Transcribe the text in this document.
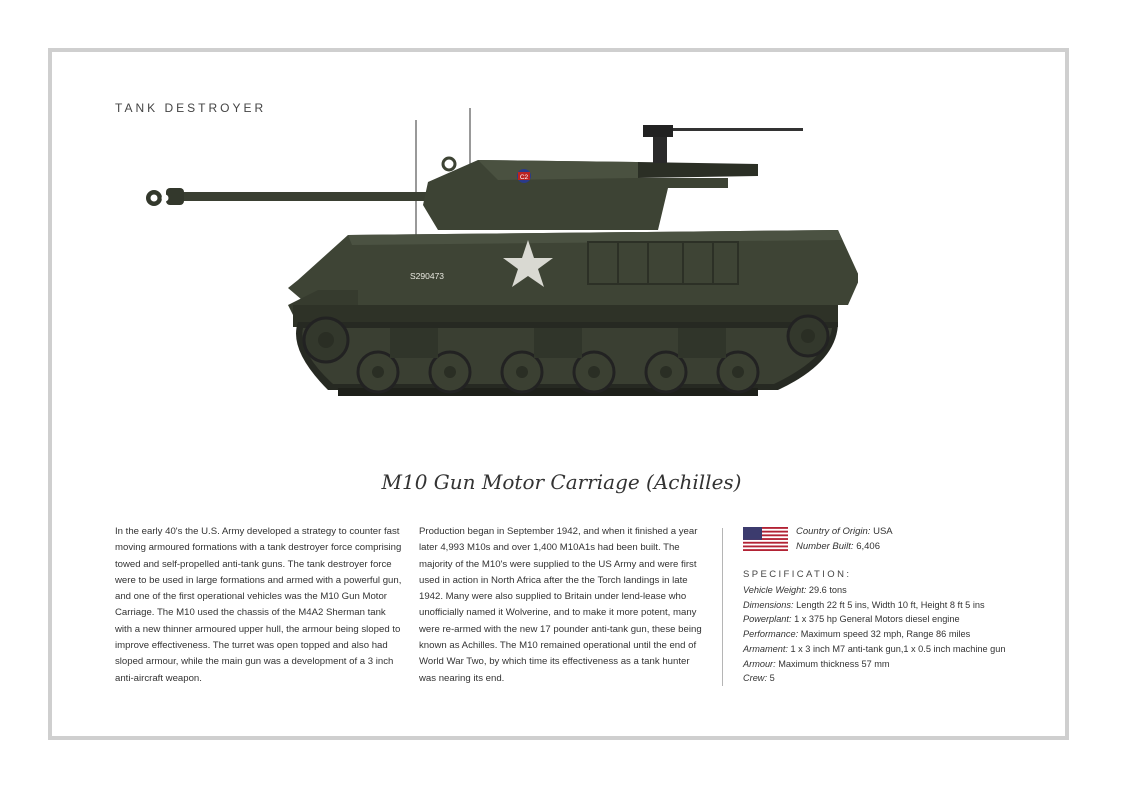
TANK DESTROYER
C2
S290473
M10 Gun Motor Carriage (Achilles)
In the early 40's the U.S. Army developed a strategy to counter fast moving armoured formations with a tank destroyer force comprising towed and self-propelled anti-tank guns. The tank destroyer force were to be used in large formations and armed with a powerful gun, and one of the first operational vehicles was the M10 Gun Motor Carriage. The M10 used the chassis of the M4A2 Sherman tank with a new thinner armoured upper hull, the armour being sloped to improve effectiveness. The turret was open topped and also had sloped armour, while the main gun was a development of a 3 inch anti-aircraft weapon.
Production began in September 1942, and when it finished a year later 4,993 M10s and over 1,400 M10A1s had been built. The majority of the M10's were supplied to the US Army and were first used in action in North Africa after the the Torch landings in late 1942. Many were also supplied to Britain under lend-lease who unofficially named it Wolverine, and to make it more potent, many were re-armed with the new 17 pounder anti-tank gun, these being known as Achilles. The M10 remained operational until the end of World War Two, by which time its effectiveness as a tank hunter was nearing its end.
Country of Origin: USA
Number Built: 6,406
SPECIFICATION:
Vehicle Weight: 29.6 tons
Dimensions: Length 22 ft 5 ins, Width 10 ft, Height 8 ft 5 ins
Powerplant: 1 x 375 hp General Motors diesel engine
Performance: Maximum speed 32 mph, Range 86 miles
Armament: 1 x 3 inch M7 anti-tank gun,1 x 0.5 inch machine gun
Armour: Maximum thickness 57 mm
Crew: 5
